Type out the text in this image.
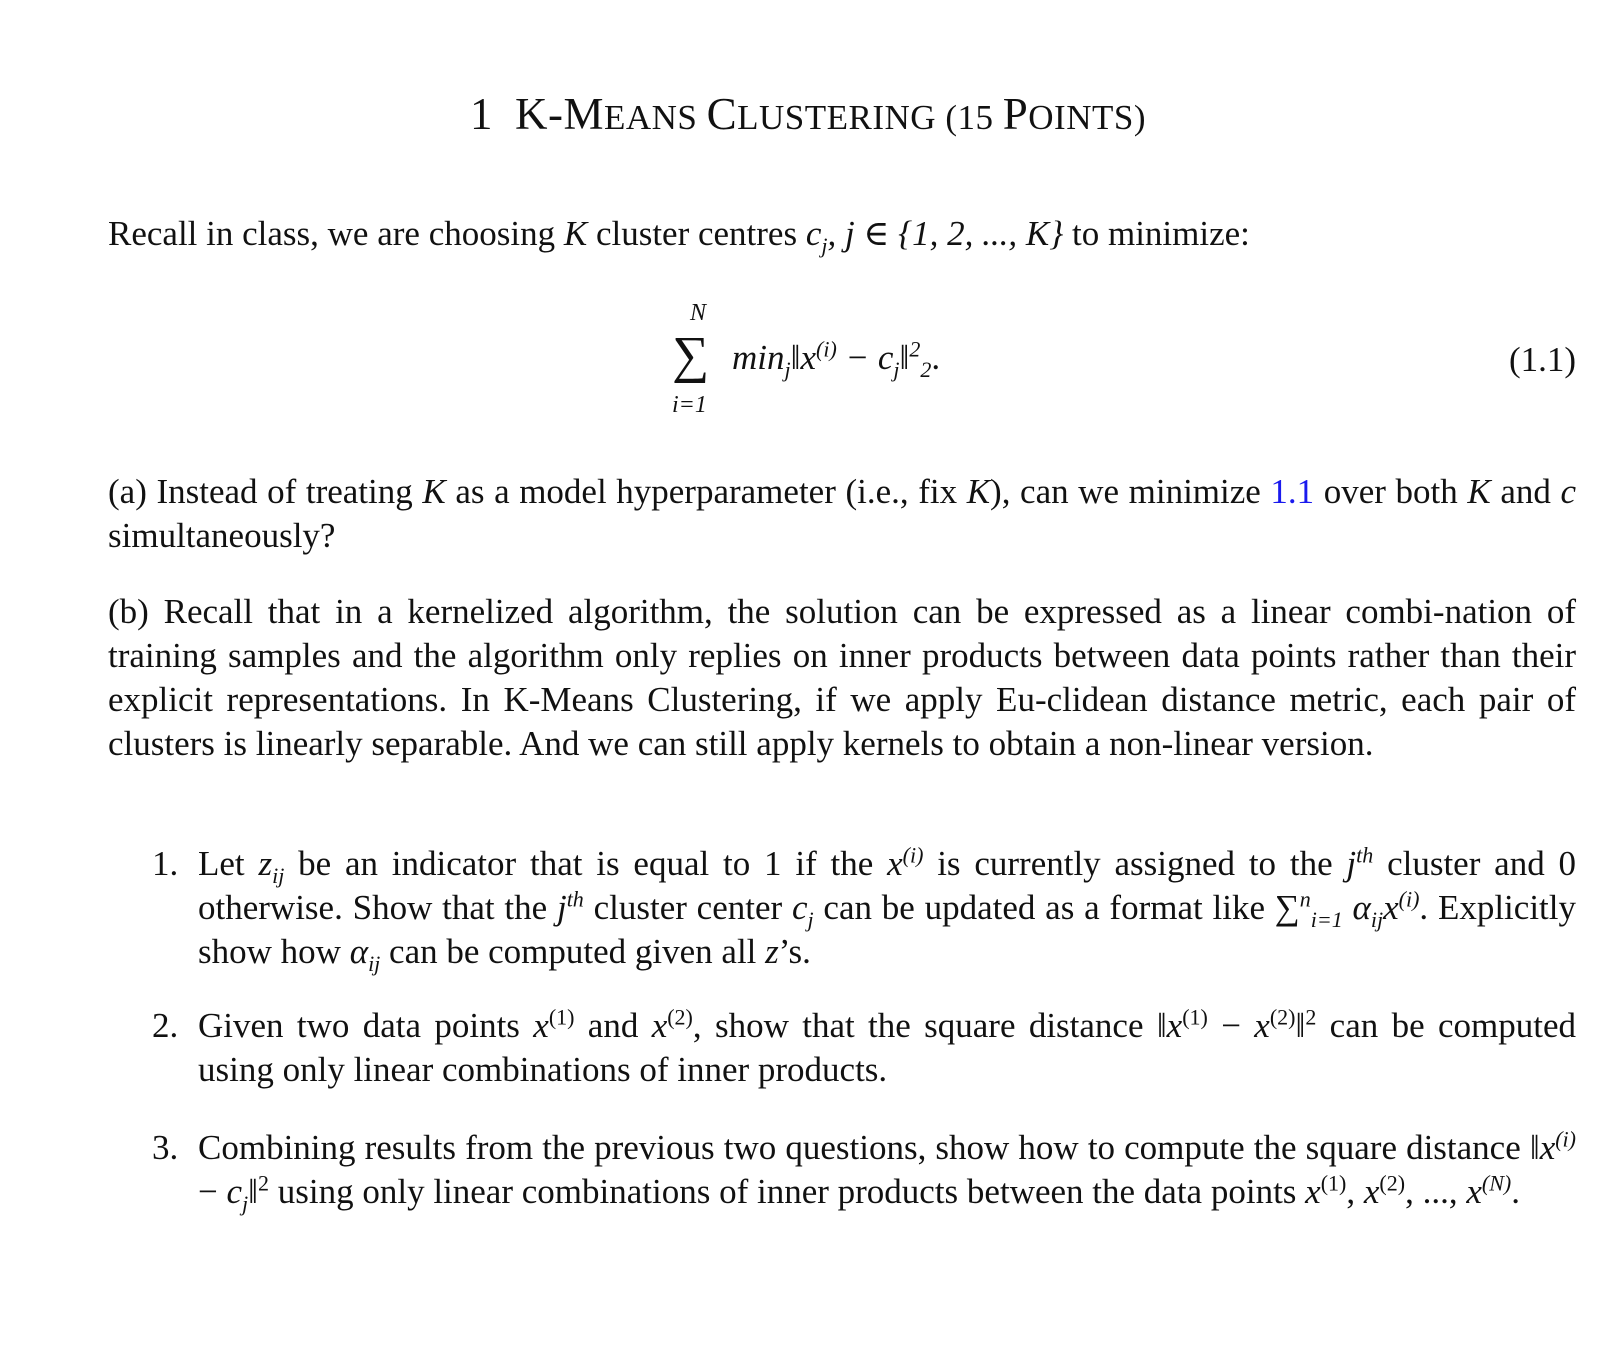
1 K-MEANS CLUSTERING (15 POINTS)
Recall in class, we are choosing K cluster centres $c_j$, j ∈ {1, 2, ..., K} to minimize:
N
∑
i=1
$\min_j‖x^{(i)}$ − $c_j‖^2_2$.	(1.1)
(a) Instead of treating K as a model hyperparameter (i.e., fix K), can we minimize 1.1 over both K and c simultaneously?
(b) Recall that in a kernelized algorithm, the solution can be expressed as a linear combi-nation of training samples and the algorithm only replies on inner products between data points rather than their explicit representations. In K-Means Clustering, if we apply Eu-clidean distance metric, each pair of clusters is linearly separable. And we can still apply kernels to obtain a non-linear version.
1. Let $z_{ij}$ be an indicator that is equal to 1 if the $x^{(i)}$ is currently assigned to the $j^{th}$ cluster and 0 otherwise. Show that the $j^{th}$ cluster center $c_j$ can be updated as a format like ∑$^n_{i=1}$ $\alpha_{ij}x^{(i)}$. Explicitly show how $\alpha_{ij}$ can be computed given all z’s.
2. Given two data points $x^{(1)}$ and $x^{(2)}$, show that the square distance $‖x^{(1)}$ − $x^{(2)}‖^2$ can be computed using only linear combinations of inner products.
3. Combining results from the previous two questions, show how to compute the square distance $‖x^{(i)}$ − $c_j‖^2$ using only linear combinations of inner products between the data points $x^{(1)}$, $x^{(2)}$, ..., $x^{(N)}$.
